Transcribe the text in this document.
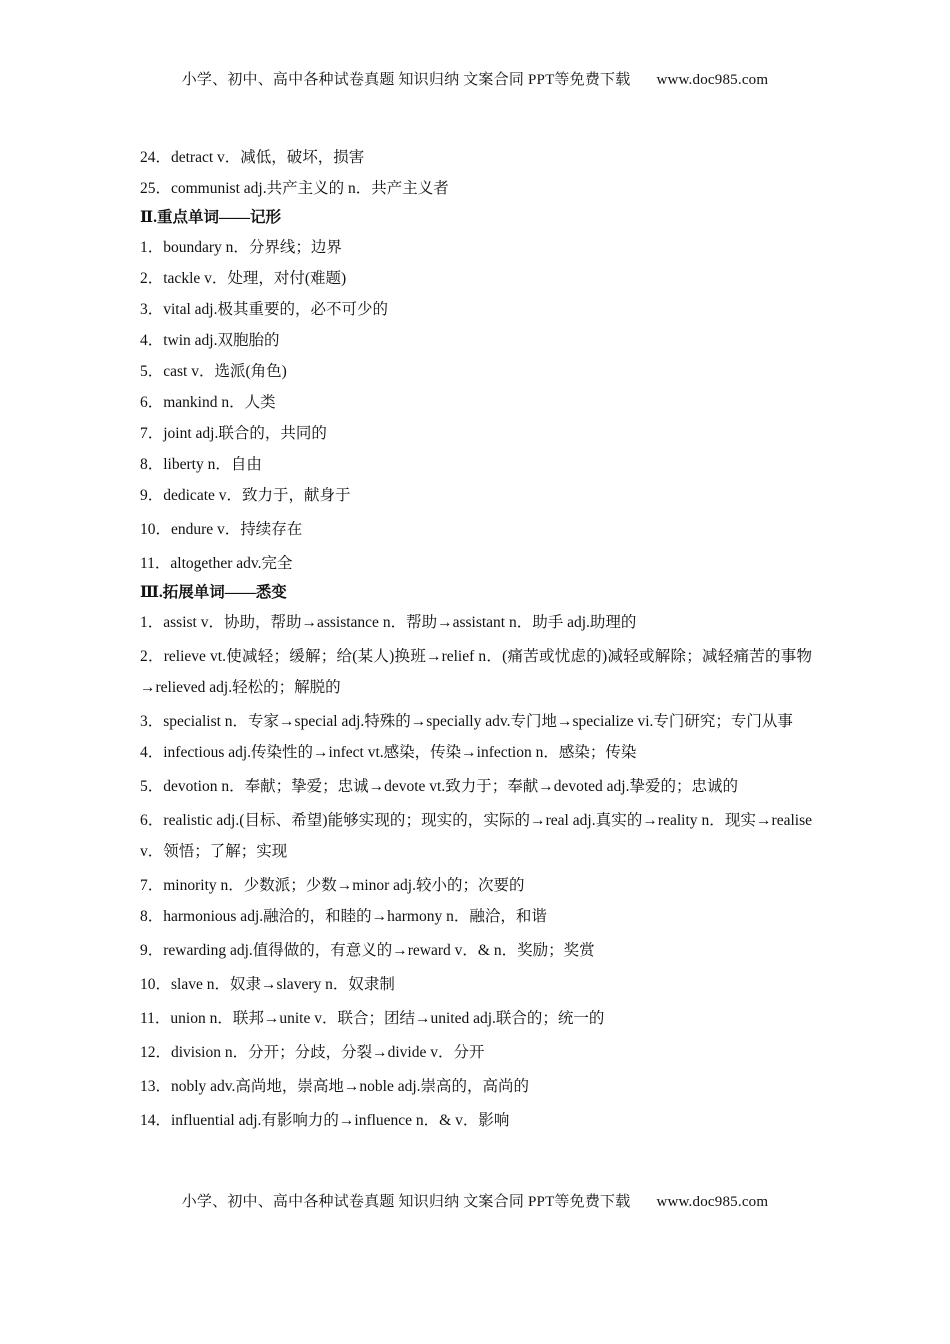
小学、初中、高中各种试卷真题 知识归纳 文案合同 PPT等免费下载 www.doc985.com
24．detract v．减低，破坏，损害
25．communist adj.共产主义的 n．共产主义者
Ⅱ.重点单词——记形
1．boundary n．分界线；边界
2．tackle v．处理，对付(难题)
3．vital adj.极其重要的，必不可少的
4．twin adj.双胞胎的
5．cast v．选派(角色)
6．mankind n．人类
7．joint adj.联合的，共同的
8．liberty n．自由
9．dedicate v．致力于，献身于
10．endure v．持续存在
11．altogether adv.完全
Ⅲ.拓展单词——悉变
1．assist v．协助，帮助→assistance n．帮助→assistant n．助手 adj.助理的
2．relieve vt.使减轻；缓解；给(某人)换班→relief n．(痛苦或忧虑的)减轻或解除；减轻痛苦的事物→relieved adj.轻松的；解脱的
3．specialist n．专家→special adj.特殊的→specially adv.专门地→specialize vi.专门研究；专门从事
4．infectious adj.传染性的→infect vt.感染，传染→infection n．感染；传染
5．devotion n．奉献；挚爱；忠诚→devote vt.致力于；奉献→devoted adj.挚爱的；忠诚的
6．realistic adj.(目标、希望)能够实现的；现实的，实际的→real adj.真实的→reality n．现实→realise v．领悟；了解；实现
7．minority n．少数派；少数→minor adj.较小的；次要的
8．harmonious adj.融洽的，和睦的→harmony n．融洽，和谐
9．rewarding adj.值得做的，有意义的→reward v．& n．奖励；奖赏
10．slave n．奴隶→slavery n．奴隶制
11．union n．联邦→unite v．联合；团结→united adj.联合的；统一的
12．division n．分开；分歧，分裂→divide v．分开
13．nobly adv.高尚地，崇高地→noble adj.崇高的，高尚的
14．influential adj.有影响力的→influence n．& v．影响
小学、初中、高中各种试卷真题 知识归纳 文案合同 PPT等免费下载 www.doc985.com
